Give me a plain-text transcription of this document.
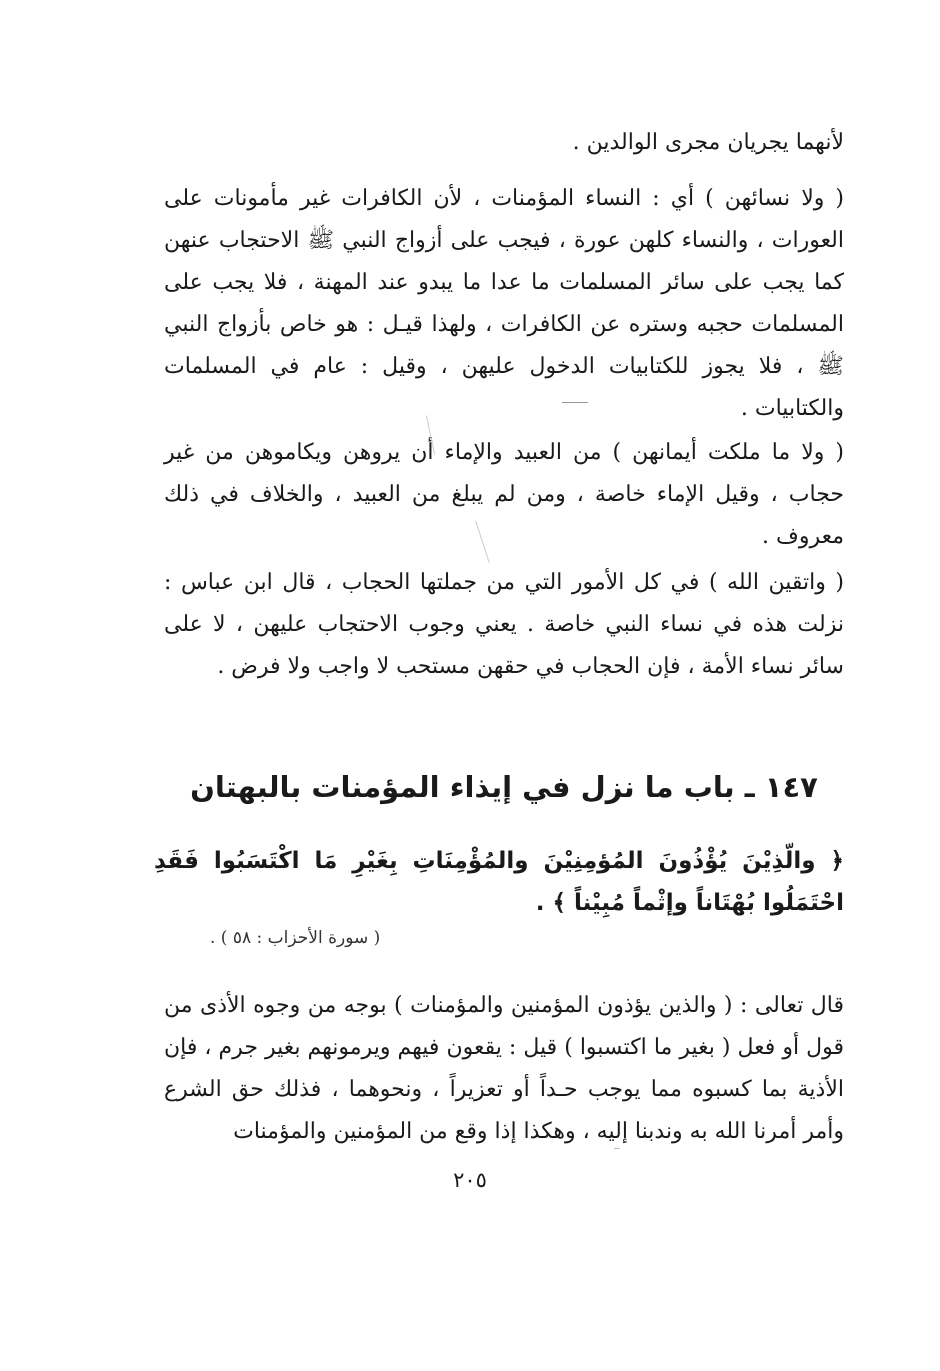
لأنهما يجريان مجرى الوالدين .

( ولا نسائهن ) أي : النساء المؤمنات ، لأن الكافرات غير مأمونات على العورات ، والنساء كلهن عورة ، فيجب على أزواج النبي ﷺ الاحتجاب عنهن كما يجب على سائر المسلمات ما عدا ما يبدو عند المهنة ، فلا يجب على المسلمات حجبه وستره عن الكافرات ، ولهذا قيـل : هو خاص بأزواج النبي ﷺ ، فلا يجوز للكتابيات الدخول عليهن ، وقيل : عام في المسلمات والكتابيات .

( ولا ما ملكت أيمانهن ) من العبيد والإماء أن يروهن ويكاموهن من غير حجاب ، وقيل الإماء خاصة ، ومن لم يبلغ من العبيد ، والخلاف في ذلك معروف .

( واتقين الله ) في كل الأمور التي من جملتها الحجاب ، قال ابن عباس : نزلت هذه في نساء النبي خاصة . يعني وجوب الاحتجاب عليهن ، لا على سائر نساء الأمة ، فإن الحجاب في حقهن مستحب لا واجب ولا فرض .

١٤٧ ـ باب ما نزل في إيذاء المؤمنات بالبهتان

﴿ والّذِيْنَ يُؤْذُونَ المُؤمِنِيْنَ والمُؤْمِنَاتِ بِغَيْرِ مَا اكْتَسَبُوا فَقَدِ احْتَمَلُوا بُهْتَاناً وإثْماً مُبِيْناً ﴾ .

( سورة الأحزاب : ٥٨ ) .

قال تعالى : ( والذين يؤذون المؤمنين والمؤمنات ) بوجه من وجوه الأذى من قول أو فعل ( بغير ما اكتسبوا ) قيل : يقعون فيهم ويرمونهم بغير جرم ، فإن الأذية بما كسبوه مما يوجب حـداً أو تعزيراً ، ونحوهما ، فذلك حق الشرع وأمر أمرنا الله به وندبنا إليه ، وهكذا إذا وقع من المؤمنين والمؤمنات

٢٠٥
